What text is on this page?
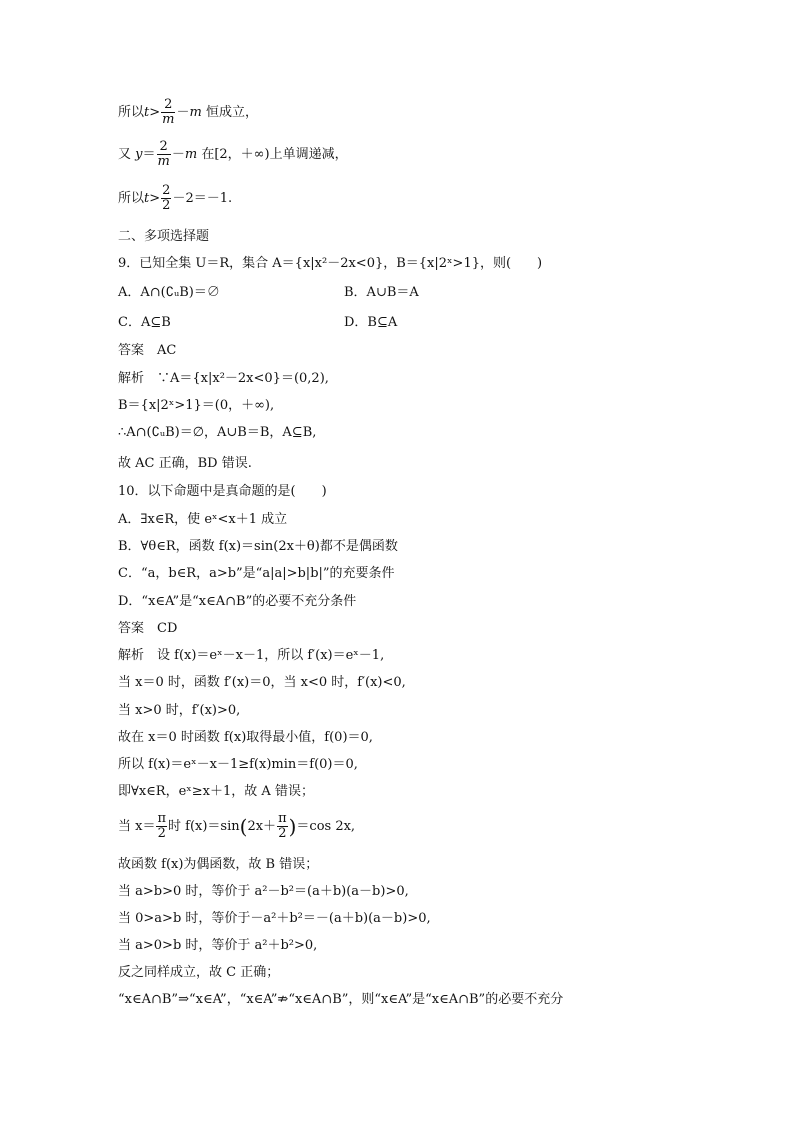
所以$t> \frac{2}{m} -m$ 恒成立，
又 $y= \frac{2}{m} -m$ 在[2，＋∞)上单调递减，
所以$t> \frac{2}{2} -2=-1$.
二、多项选择题
9．已知全集 U＝R，集合 A＝{x|x²－2x<0}，B＝{x|2ˣ>1}，则(　　)
A．A∩(∁ᵤB)＝∅	B．A∪B＝A
C．A⊆B	D．B⊆A
答案　AC
解析　∵A＝{x|x²－2x<0}＝(0,2),
B＝{x|2ˣ>1}＝(0，＋∞),
∴A∩(∁ᵤB)＝∅，A∪B＝B，A⊆B,
故 AC 正确，BD 错误.
10．以下命题中是真命题的是(　　)
A．∃x∈R，使 eˣ<x＋1 成立
B．∀θ∈R，函数 f(x)＝sin(2x＋θ)都不是偶函数
C．“a，b∈R，a>b”是“a|a|>b|b|”的充要条件
D．“x∈A”是“x∈A∩B”的必要不充分条件
答案　CD
解析　设 f(x)＝eˣ－x－1，所以 f′(x)＝eˣ－1,
当 x＝0 时，函数 f′(x)＝0，当 x<0 时，f′(x)<0,
当 x>0 时，f′(x)>0,
故在 x＝0 时函数 f(x)取得最小值，f(0)＝0,
所以 f(x)＝eˣ－x－1≥f(x)min＝f(0)＝0,
即∀x∈R，eˣ≥x＋1，故 A 错误；
当 $x= \frac{\pi}{2}$ 时 $f(x)=\sin(2x+ \frac{\pi}{2} )=\cos$ 2x,
故函数 f(x)为偶函数，故 B 错误；
当 a>b>0 时，等价于 a²－b²＝(a＋b)(a－b)>0,
当 0>a>b 时，等价于－a²＋b²＝－(a＋b)(a－b)>0,
当 a>0>b 时，等价于 a²＋b²>0,
反之同样成立，故 C 正确；
“x∈A∩B”⇒“x∈A”，“x∈A”⇏“x∈A∩B”，则“x∈A”是“x∈A∩B”的必要不充分
